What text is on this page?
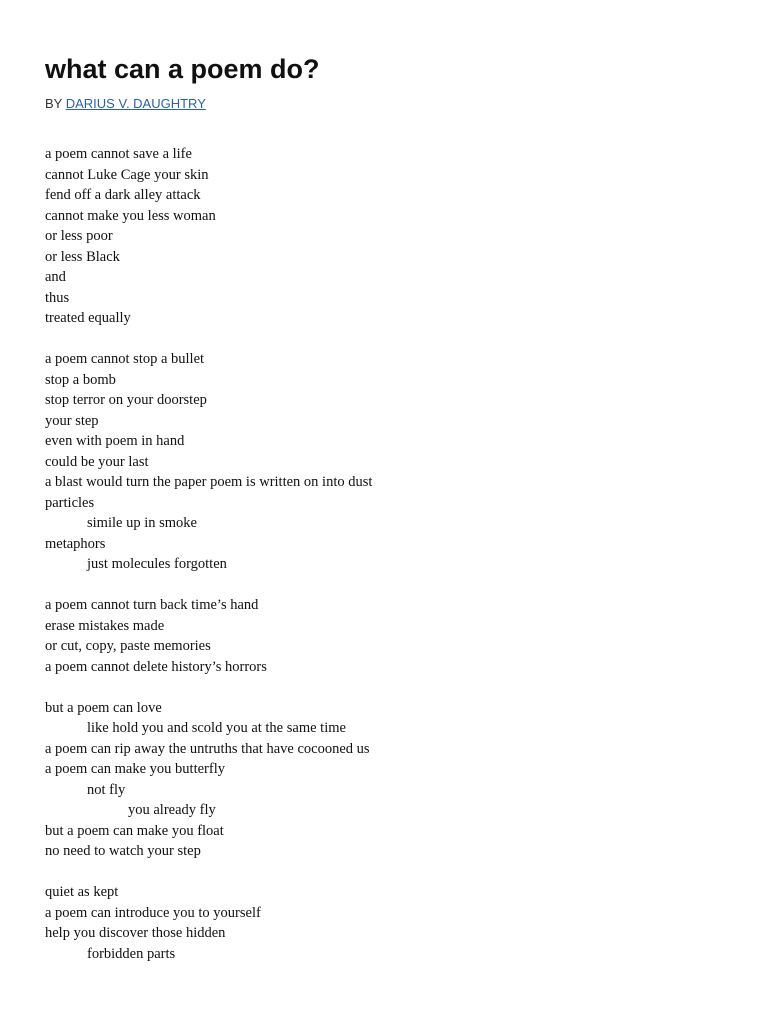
what can a poem do?
BY DARIUS V. DAUGHTRY
a poem cannot save a life
cannot Luke Cage your skin
fend off a dark alley attack
cannot make you less woman
or less poor
or less Black
and
thus
treated equally
a poem cannot stop a bullet
stop a bomb
stop terror on your doorstep
your step
even with poem in hand
could be your last
a blast would turn the paper poem is written on into dust
particles
simile up in smoke
metaphors
just molecules forgotten
a poem cannot turn back time’s hand
erase mistakes made
or cut, copy, paste memories
a poem cannot delete history’s horrors
but a poem can love
like hold you and scold you at the same time
a poem can rip away the untruths that have cocooned us
a poem can make you butterfly
not fly
you already fly
but a poem can make you float
no need to watch your step
quiet as kept
a poem can introduce you to yourself
help you discover those hidden
forbidden parts
